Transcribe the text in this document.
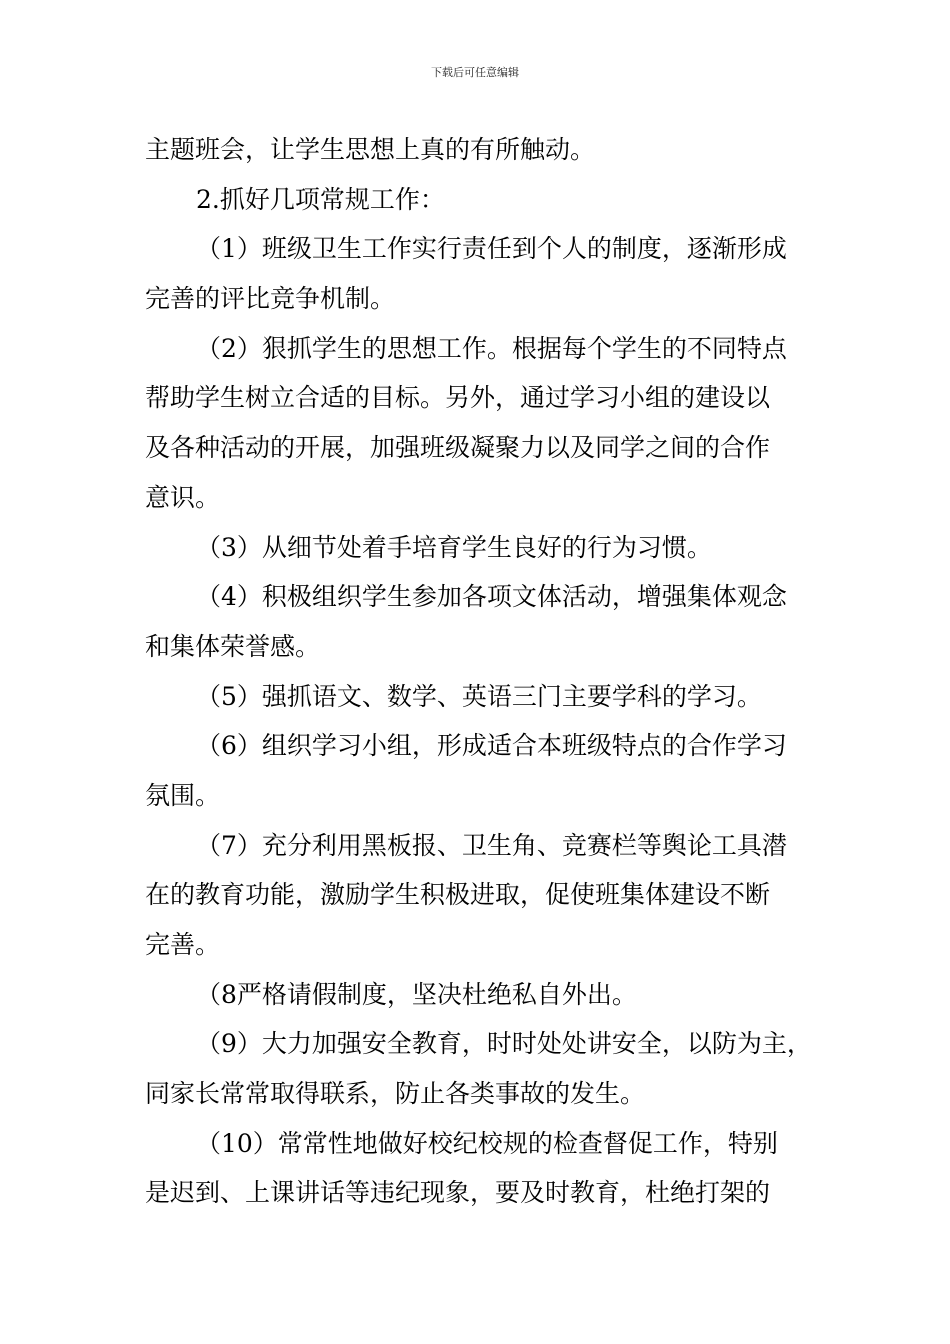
下载后可任意编辑
主题班会，让学生思想上真的有所触动。
2.抓好几项常规工作：
（1）班级卫生工作实行责任到个人的制度，逐渐形成
完善的评比竞争机制。
（2）狠抓学生的思想工作。根据每个学生的不同特点
帮助学生树立合适的目标。另外，通过学习小组的建设以
及各种活动的开展，加强班级凝聚力以及同学之间的合作
意识。
（3）从细节处着手培育学生良好的行为习惯。
（4）积极组织学生参加各项文体活动，增强集体观念
和集体荣誉感。
（5）强抓语文、数学、英语三门主要学科的学习。
（6）组织学习小组，形成适合本班级特点的合作学习
氛围。
（7）充分利用黑板报、卫生角、竞赛栏等舆论工具潜
在的教育功能，激励学生积极进取，促使班集体建设不断
完善。
（8严格请假制度，坚决杜绝私自外出。
（9）大力加强安全教育，时时处处讲安全，以防为主，
同家长常常取得联系，防止各类事故的发生。
（10）常常性地做好校纪校规的检查督促工作，特别
是迟到、上课讲话等违纪现象，要及时教育，杜绝打架的
